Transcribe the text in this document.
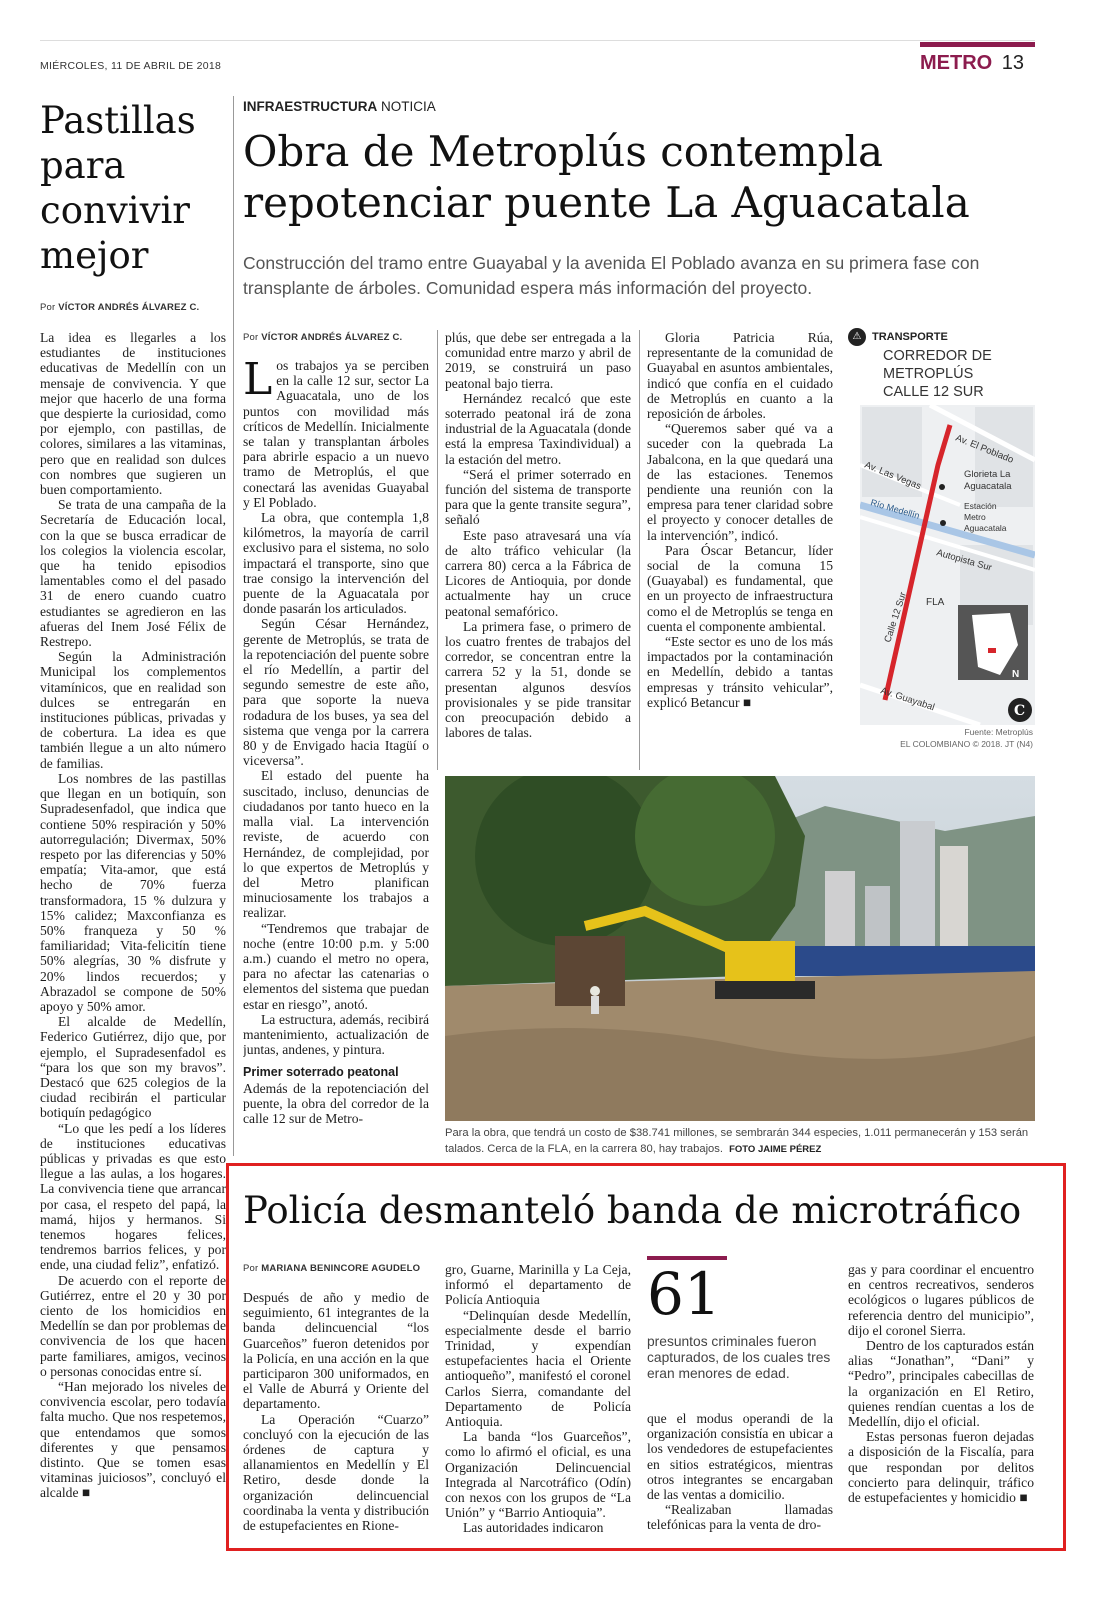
MIÉRCOLES, 11 DE ABRIL DE 2018	METRO 13
Pastillas para convivir mejor
Por VÍCTOR ANDRÉS ÁLVAREZ C.

La idea es llegarles a los estudiantes de instituciones educativas de Medellín con un mensaje de convivencia. Y que mejor que hacerlo de una forma que despierte la curiosidad, como por ejemplo, con pastillas, de colores, similares a las vitaminas, pero que en realidad son dulces con nombres que sugieren un buen comportamiento.

Se trata de una campaña de la Secretaría de Educación local, con la que se busca erradicar de los colegios la violencia escolar, que ha tenido episodios lamentables como el del pasado 31 de enero cuando cuatro estudiantes se agredieron en las afueras del Inem José Félix de Restrepo.

Según la Administración Municipal los complementos vitamínicos, que en realidad son dulces se entregarán en instituciones públicas, privadas y de cobertura. La idea es que también llegue a un alto número de familias.

Los nombres de las pastillas que llegan en un botiquín, son Supradesenfadol, que indica que contiene 50% respiración y 50% autorregulación; Divermax, 50% respeto por las diferencias y 50% empatía; Vita-amor, que está hecho de 70% fuerza transformadora, 15 % dulzura y 15% calidez; Maxconfianza es 50% franqueza y 50 % familiaridad; Vita-felicitín tiene 50% alegrías, 30 % disfrute y 20% lindos recuerdos; y Abrazadol se compone de 50% apoyo y 50% amor.

El alcalde de Medellín, Federico Gutiérrez, dijo que, por ejemplo, el Supradesenfadol es “para los que son my bravos”. Destacó que 625 colegios de la ciudad recibirán el particular botiquín pedagógico

“Lo que les pedí a los líderes de instituciones educativas públicas y privadas es que esto llegue a las aulas, a los hogares. La convivencia tiene que arrancar por casa, el respeto del papá, la mamá, hijos y hermanos. Si tenemos hogares felices, tendremos barrios felices, y por ende, una ciudad feliz”, enfatizó.

De acuerdo con el reporte de Gutiérrez, entre el 20 y 30 por ciento de los homicidios en Medellín se dan por problemas de convivencia de los que hacen parte familiares, amigos, vecinos o personas conocidas entre sí.

“Han mejorado los niveles de convivencia escolar, pero todavía falta mucho. Que nos respetemos, que entendamos que somos diferentes y que pensamos distinto. Que se tomen esas vitaminas juiciosos”, concluyó el alcalde ■

INFRAESTRUCTURA NOTICIA
Obra de Metroplús contempla repotenciar puente La Aguacatala
Construcción del tramo entre Guayabal y la avenida El Poblado avanza en su primera fase con transplante de árboles. Comunidad espera más información del proyecto.
Por VÍCTOR ANDRÉS ÁLVAREZ C.
L os trabajos ya se perciben en la calle 12 sur, sector La Aguacatala, uno de los puntos con movilidad más críticos de Medellín. Inicialmente se talan y transplantan árboles para abrirle espacio a un nuevo tramo de Metroplús, el que conectará las avenidas Guayabal y El Poblado.

La obra, que contempla 1,8 kilómetros, la mayoría de carril exclusivo para el sistema, no solo impactará el transporte, sino que trae consigo la intervención del puente de la Aguacatala por donde pasarán los articulados.

Según César Hernández, gerente de Metroplús, se trata de la repotenciación del puente sobre el río Medellín, a partir del segundo semestre de este año, para que soporte la nueva rodadura de los buses, ya sea del sistema que venga por la carrera 80 y de Envigado hacia Itagüí o viceversa”.

El estado del puente ha suscitado, incluso, denuncias de ciudadanos por tanto hueco en la malla vial. La intervención reviste, de acuerdo con Hernández, de complejidad, por lo que expertos de Metroplús y del Metro planifican minuciosamente los trabajos a realizar.

“Tendremos que trabajar de noche (entre 10:00 p.m. y 5:00 a.m.) cuando el metro no opera, para no afectar las catenarias o elementos del sistema que puedan estar en riesgo”, anotó.

La estructura, además, recibirá mantenimiento, actualización de juntas, andenes, y pintura.

Primer soterrado peatonal

Además de la repotenciación del puente, la obra del corredor de la calle 12 sur de Metro-

plús, que debe ser entregada a la comunidad entre marzo y abril de 2019, se construirá un paso peatonal bajo tierra.

Hernández recalcó que este soterrado peatonal irá de zona industrial de la Aguacatala (donde está la empresa Taxindividual) a la estación del metro.

“Será el primer soterrado en función del sistema de transporte para que la gente transite segura”, señaló

Este paso atravesará una vía de alto tráfico vehicular (la carrera 80) cerca a la Fábrica de Licores de Antioquia, por donde actualmente hay un cruce peatonal semafórico.

La primera fase, o primero de los cuatro frentes de trabajos del corredor, se concentran entre la carrera 52 y la 51, donde se presentan algunos desvíos provisionales y se pide transitar con preocupación debido a labores de talas.

Gloria Patricia Rúa, representante de la comunidad de Guayabal en asuntos ambientales, indicó que confía en el cuidado de Metroplús en cuanto a la reposición de árboles.

“Queremos saber qué va a suceder con la quebrada La Jabalcona, en la que quedará una de las estaciones. Tenemos pendiente una reunión con la empresa para tener claridad sobre el proyecto y conocer detalles de la intervención”, indicó.

Para Óscar Betancur, líder social de la comuna 15 (Guayabal) es fundamental, que en un proyecto de infraestructura como el de Metroplús se tenga en cuenta el componente ambiental.

“Este sector es uno de los más impactados por la contaminación en Medellín, debido a tantas empresas y tránsito vehicular”, explicó Betancur ■

⚠ TRANSPORTE
CORREDOR DE
METROPLÚS
CALLE 12 SUR
Av. El Poblado
Av. Las Vegas	Glorieta La
Aguacatala
Estación
Metro
Aguacatala
Río Medellín
Autopista Sur
Calle 12 Sur FLA
Av. Guayabal
N
C
Fuente: Metroplús
EL COLOMBIANO © 2018. JT (N4)
Para la obra, que tendrá un costo de $38.741 millones, se sembrarán 344 especies, 1.011 permanecerán y 153 serán talados. Cerca de la FLA, en la carrera 80, hay trabajos. FOTO JAIME PÉREZ
Policía desmanteló banda de microtráfico
Por MARIANA BENINCORE AGUDELO

Después de año y medio de seguimiento, 61 integrantes de la banda delincuencial “los Guarceños” fueron detenidos por la Policía, en una acción en la que participaron 300 uniformados, en el Valle de Aburrá y Oriente del departamento.

La Operación “Cuarzo” concluyó con la ejecución de las órdenes de captura y allanamientos en Medellín y El Retiro, desde donde la organización delincuencial coordinaba la venta y distribución de estupefacientes en Rione-

gro, Guarne, Marinilla y La Ceja, informó el departamento de Policía Antioquia

“Delinquían desde Medellín, especialmente desde el barrio Trinidad, y expendían estupefacientes hacia el Oriente antioqueño”, manifestó el coronel Carlos Sierra, comandante del Departamento de Policía Antioquia.

La banda “los Guarceños”, como lo afirmó el oficial, es una Organización Delincuencial Integrada al Narcotráfico (Odín) con nexos con los grupos de “La Unión” y “Barrio Antioquia”.

Las autoridades indicaron

61
presuntos criminales fueron capturados, de los cuales tres eran menores de edad.

que el modus operandi de la organización consistía en ubicar a los vendedores de estupefacientes en sitios estratégicos, mientras otros integrantes se encargaban de las ventas a domicilio.

“Realizaban llamadas telefónicas para la venta de dro-

gas y para coordinar el encuentro en centros recreativos, senderos ecológicos o lugares públicos de referencia dentro del municipio”, dijo el coronel Sierra.

Dentro de los capturados están alias “Jonathan”, “Dani” y “Pedro”, principales cabecillas de la organización en El Retiro, quienes rendían cuentas a los de Medellín, dijo el oficial.

Estas personas fueron dejadas a disposición de la Fiscalía, para que respondan por delitos concierto para delinquir, tráfico de estupefacientes y homicidio ■
